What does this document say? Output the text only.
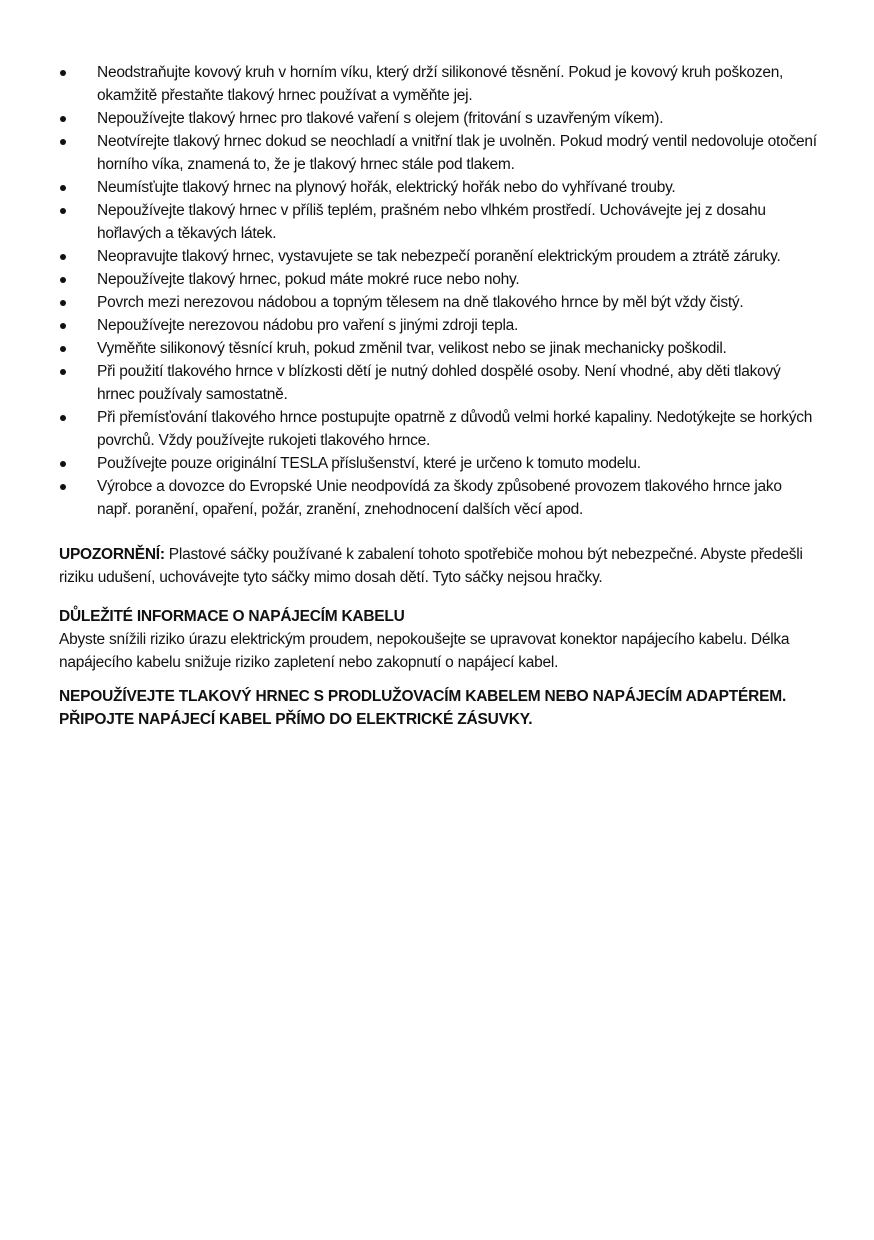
Neodstraňujte kovový kruh v horním víku, který drží silikonové těsnění. Pokud je kovový kruh poškozen, okamžitě přestaňte tlakový hrnec používat a vyměňte jej.
Nepoužívejte tlakový hrnec pro tlakové vaření s olejem (fritování s uzavřeným víkem).
Neotvírejte tlakový hrnec dokud se neochladí a vnitřní tlak je uvolněn. Pokud modrý ventil nedovoluje otočení horního víka, znamená to, že je tlakový hrnec stále pod tlakem.
Neumísťujte tlakový hrnec na plynový hořák, elektrický hořák nebo do vyhřívané trouby.
Nepoužívejte tlakový hrnec v příliš teplém, prašném nebo vlhkém prostředí. Uchovávejte jej z dosahu hořlavých a těkavých látek.
Neopravujte tlakový hrnec, vystavujete se tak nebezpečí poranění elektrickým proudem a ztrátě záruky.
Nepoužívejte tlakový hrnec, pokud máte mokré ruce nebo nohy.
Povrch mezi nerezovou nádobou a topným tělesem na dně tlakového hrnce by měl být vždy čistý.
Nepoužívejte nerezovou nádobu pro vaření s jinými zdroji tepla.
Vyměňte silikonový těsnící kruh, pokud změnil tvar, velikost nebo se jinak mechanicky poškodil.
Při použití tlakového hrnce v blízkosti dětí je nutný dohled dospělé osoby. Není vhodné, aby děti tlakový hrnec používaly samostatně.
Při přemísťování tlakového hrnce postupujte opatrně z důvodů velmi horké kapaliny. Nedotýkejte se horkých povrchů. Vždy používejte rukojeti tlakového hrnce.
Používejte pouze originální TESLA příslušenství, které je určeno k tomuto modelu.
Výrobce a dovozce do Evropské Unie neodpovídá za škody způsobené provozem tlakového hrnce jako např. poranění, opaření, požár, zranění, znehodnocení dalších věcí apod.

UPOZORNĚNÍ: Plastové sáčky používané k zabalení tohoto spotřebiče mohou být nebezpečné. Abyste předešli riziku udušení, uchovávejte tyto sáčky mimo dosah dětí. Tyto sáčky nejsou hračky.

DŮLEŽITÉ INFORMACE O NAPÁJECÍM KABELU
Abyste snížili riziko úrazu elektrickým proudem, nepokoušejte se upravovat konektor napájecího kabelu. Délka napájecího kabelu snižuje riziko zapletení nebo zakopnutí o napájecí kabel.
NEPOUŽÍVEJTE TLAKOVÝ HRNEC S PRODLUŽOVACÍM KABELEM NEBO NAPÁJECÍM ADAPTÉREM.
PŘIPOJTE NAPÁJECÍ KABEL PŘÍMO DO ELEKTRICKÉ ZÁSUVKY.
